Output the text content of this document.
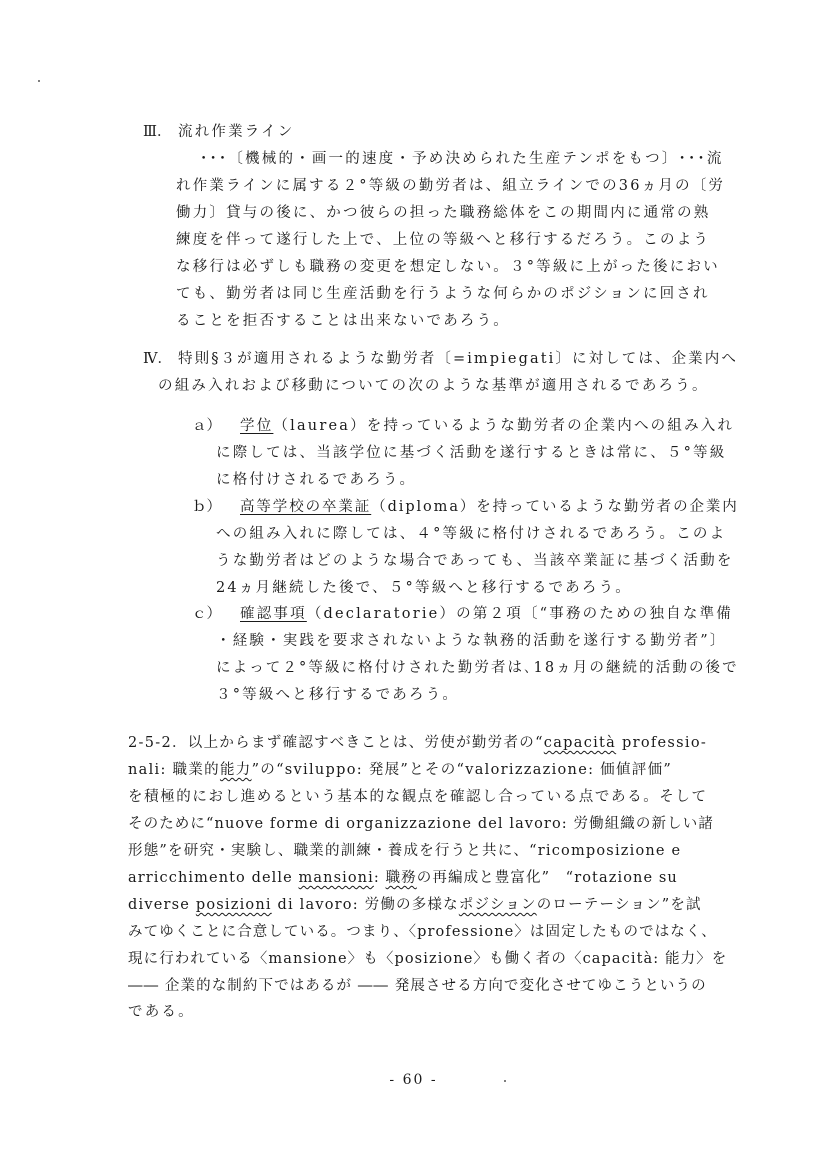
Ⅲ． 流れ作業ライン
･･･〔機械的・画一的速度・予め決められた生産テンポをもつ〕･･･流
れ作業ラインに属する２°等級の勤労者は、組立ラインでの36ヵ月の〔労
働力〕貸与の後に、かつ彼らの担った職務総体をこの期間内に通常の熟
練度を伴って遂行した上で、上位の等級へと移行するだろう。このよう
な移行は必ずしも職務の変更を想定しない。３°等級に上がった後におい
ても、勤労者は同じ生産活動を行うような何らかのポジションに回され
ることを拒否することは出来ないであろう。
Ⅳ． 特則§３が適用されるような勤労者〔=impiegati〕に対しては、企業内へ
の組み入れおよび移動についての次のような基準が適用されるであろう。
ａ） 学位（laurea）を持っているような勤労者の企業内への組み入れ
に際しては、当該学位に基づく活動を遂行するときは常に、５°等級
に格付けされるであろう。
ｂ） 高等学校の卒業証（diploma）を持っているような勤労者の企業内
への組み入れに際しては、４°等級に格付けされるであろう。このよ
うな勤労者はどのような場合であっても、当該卒業証に基づく活動を
24ヵ月継続した後で、５°等級へと移行するであろう。
ｃ） 確認事項（declaratorie）の第２項〔“事務のための独自な準備
・経験・実践を要求されないような執務的活動を遂行する勤労者”〕
によって２°等級に格付けされた勤労者は､18ヵ月の継続的活動の後で
３°等級へと移行するであろう。
2-5-2．以上からまず確認すべきことは、労使が勤労者の“capacità professio-
nali: 職業的能力”の“sviluppo: 発展”とその“valorizzazione: 価値評価”
を積極的におし進めるという基本的な観点を確認し合っている点である。そして
そのために“nuove forme di organizzazione del lavoro: 労働組織の新しい諸
形態”を研究・実験し、職業的訓練・養成を行うと共に、“ricomposizione e
arricchimento delle mansioni: 職務の再編成と豊富化”　“rotazione su
diverse posizioni di lavoro: 労働の多様なポジションのローテーション”を試
みてゆくことに合意している。つまり、〈professione〉は固定したものではなく、
現に行われている〈mansione〉も〈posizione〉も働く者の〈capacità: 能力〉を
―― 企業的な制約下ではあるが ―― 発展させる方向で変化させてゆこうというの
である。
- 60 -
